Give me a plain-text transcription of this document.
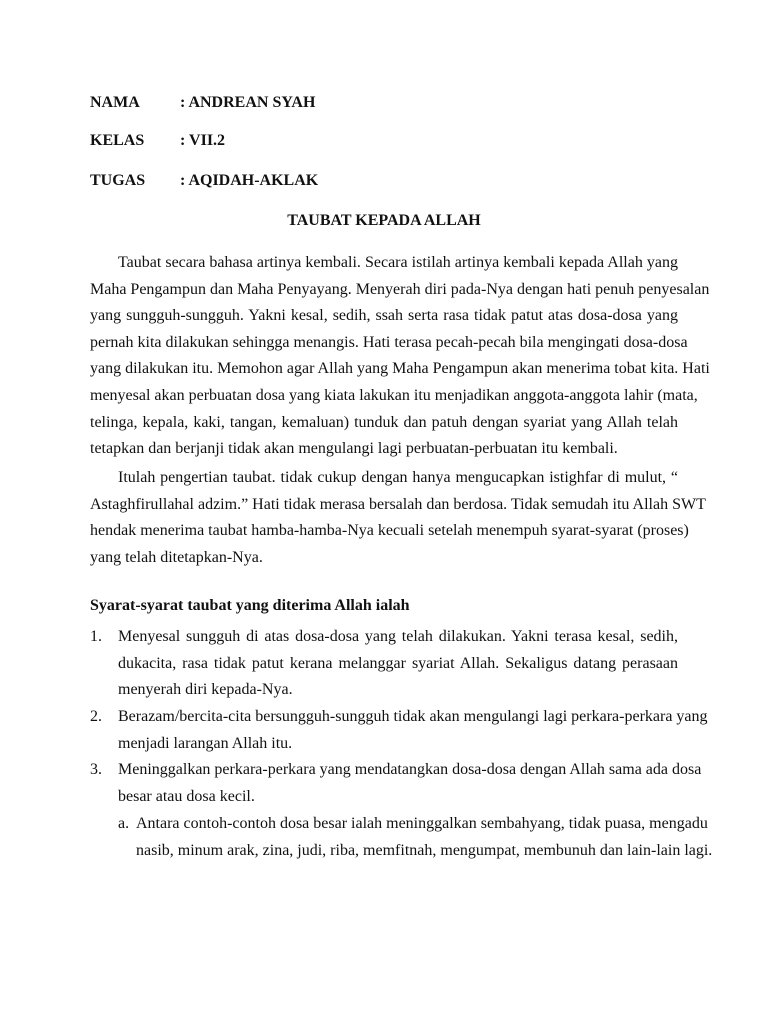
NAMA	: ANDREAN SYAH
KELAS : VII.2
TUGAS : AQIDAH-AKLAK
TAUBAT KEPADA ALLAH
Taubat secara bahasa artinya kembali. Secara istilah artinya kembali kepada Allah yang
Maha Pengampun dan Maha Penyayang. Menyerah diri pada-Nya dengan hati penuh penyesalan
yang sungguh-sungguh. Yakni kesal, sedih, ssah serta rasa tidak patut atas dosa-dosa yang
pernah kita dilakukan sehingga menangis. Hati terasa pecah-pecah bila mengingati dosa-dosa
yang dilakukan itu. Memohon agar Allah yang Maha Pengampun akan menerima tobat kita. Hati
menyesal akan perbuatan dosa yang kiata lakukan itu menjadikan anggota-anggota lahir (mata,
telinga, kepala, kaki, tangan, kemaluan) tunduk dan patuh dengan syariat yang Allah telah
tetapkan dan berjanji tidak akan mengulangi lagi perbuatan-perbuatan itu kembali.
Itulah pengertian taubat. tidak cukup dengan hanya mengucapkan istighfar di mulut, “
Astaghfirullahal adzim.” Hati tidak merasa bersalah dan berdosa. Tidak semudah itu Allah SWT
hendak menerima taubat hamba-hamba-Nya kecuali setelah menempuh syarat-syarat (proses)
yang telah ditetapkan-Nya.
Syarat-syarat taubat yang diterima Allah ialah
1. Menyesal sungguh di atas dosa-dosa yang telah dilakukan. Yakni terasa kesal, sedih,
dukacita, rasa tidak patut kerana melanggar syariat Allah. Sekaligus datang perasaan
menyerah diri kepada-Nya.
2. Berazam/bercita-cita bersungguh-sungguh tidak akan mengulangi lagi perkara-perkara yang
menjadi larangan Allah itu.
3. Meninggalkan perkara-perkara yang mendatangkan dosa-dosa dengan Allah sama ada dosa
besar atau dosa kecil.
a. Antara contoh-contoh dosa besar ialah meninggalkan sembahyang, tidak puasa, mengadu
nasib, minum arak, zina, judi, riba, memfitnah, mengumpat, membunuh dan lain-lain lagi.
